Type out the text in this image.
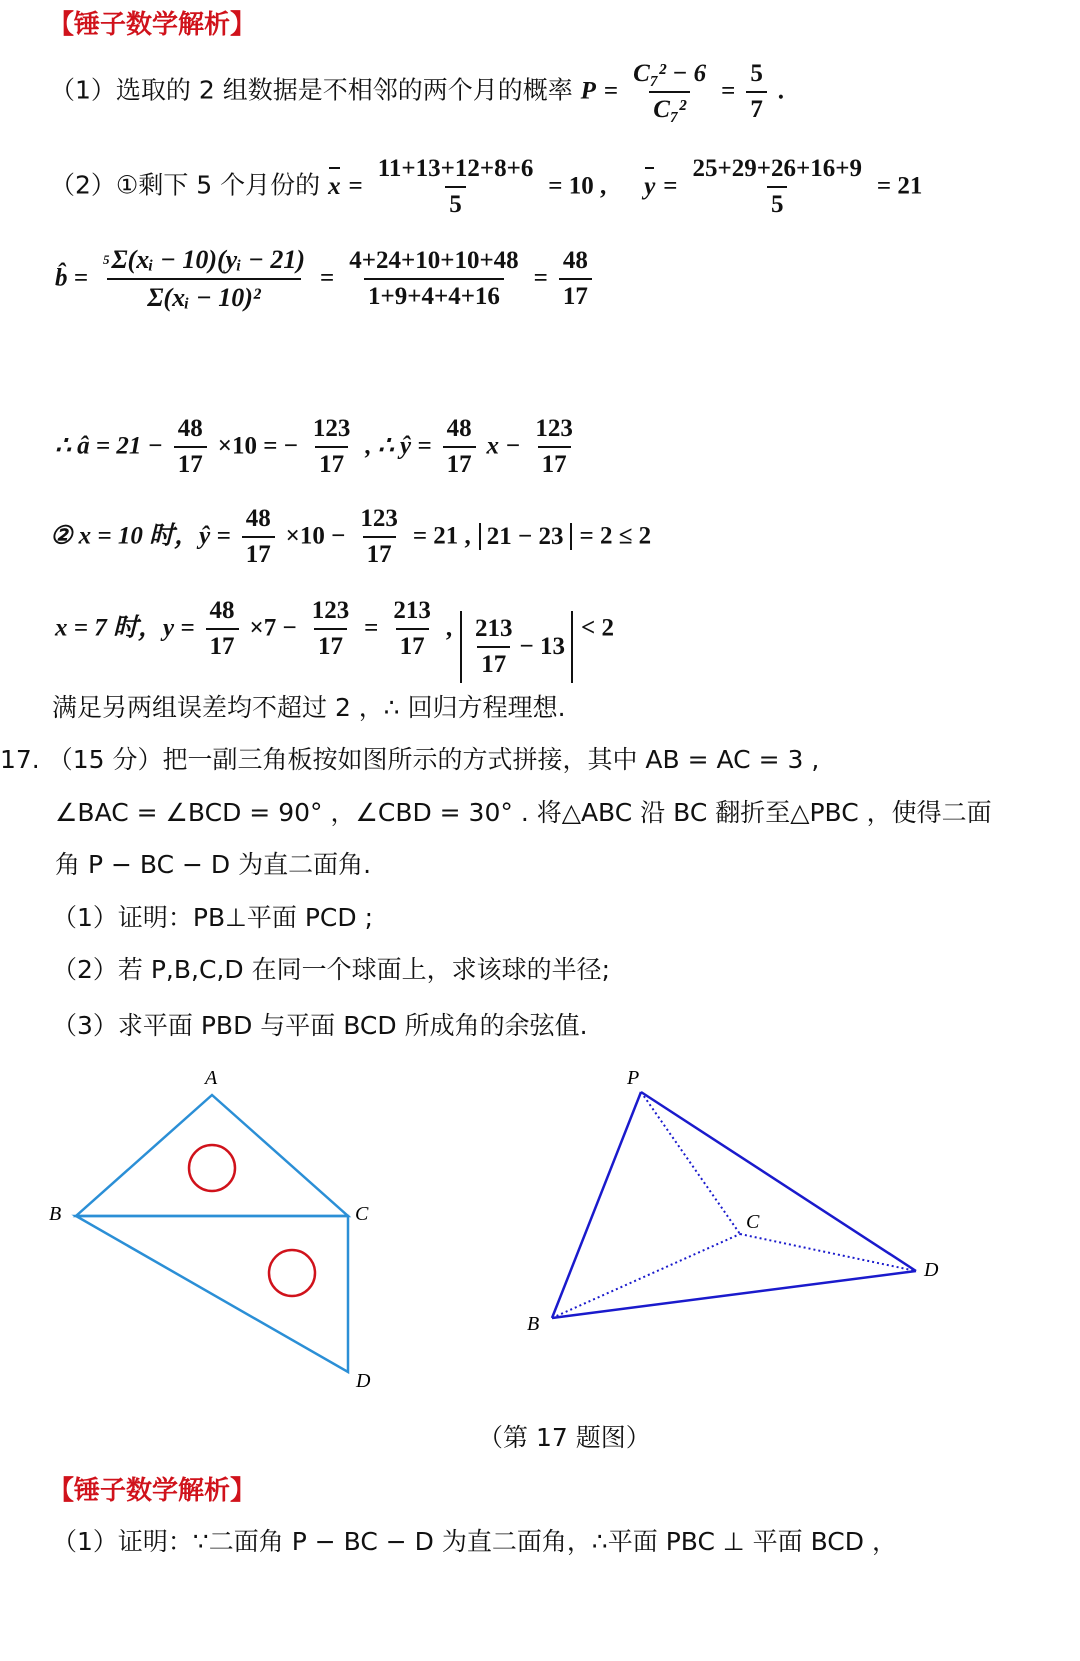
【锤子数学解析】
（1）选取的 2 组数据是不相邻的两个月的概率 $P = \frac{\text{C₇² − 6}}{\text{C₇²}} = \frac{5}{7}$ .
（2）①剩下 5 个月份的 $x = \frac{11+13+12+8+6}{5} = 10$ , $y = \frac{25+29+26+16+9}{5} = 21$
b̂ = $\frac{\text{5 Σ(xᵢ − 10)(yᵢ − 21)}}{\text{Σ(xᵢ − 10)²}} = \frac{4+24+10+10+48}{1+9+4+4+16} = \frac{48}{17}$
∴ â = $21 - \frac{48}{17} \times 10$ = − $\frac{123}{17}$ , ∴ ŷ = $\frac{48}{17}$ $x - \frac{123}{17}$
② x = 10 时，ŷ = $\frac{48}{17} \times 10 - \frac{123}{17} = 21$ , 21 − 23 = 2 ≤ 2
x = 7 时，$y = \frac{48}{17} \times 7 - \frac{123}{17} = \frac{213}{17}$ , $\frac{213}{17} - 13$
< 2
满足另两组误差均不超过 2 ，∴ 回归方程理想.
17. （15 分）把一副三角板按如图所示的方式拼接，其中 AB = AC = 3 ,
∠BAC = ∠BCD = 90° ，∠CBD = 30° . 将△ABC 沿 BC 翻折至△PBC ，使得二面
角 P − BC − D 为直二面角.
（1）证明：PB⊥平面 PCD ;
（2）若 P,B,C,D 在同一个球面上，求该球的半径;
（3）求平面 PBD 与平面 BCD 所成角的余弦值.
A
B	C
D
P
C
B
D
（第 17 题图）
【锤子数学解析】
（1）证明：∵二面角 P − BC − D 为直二面角，∴平面 PBC ⊥ 平面 BCD ，
